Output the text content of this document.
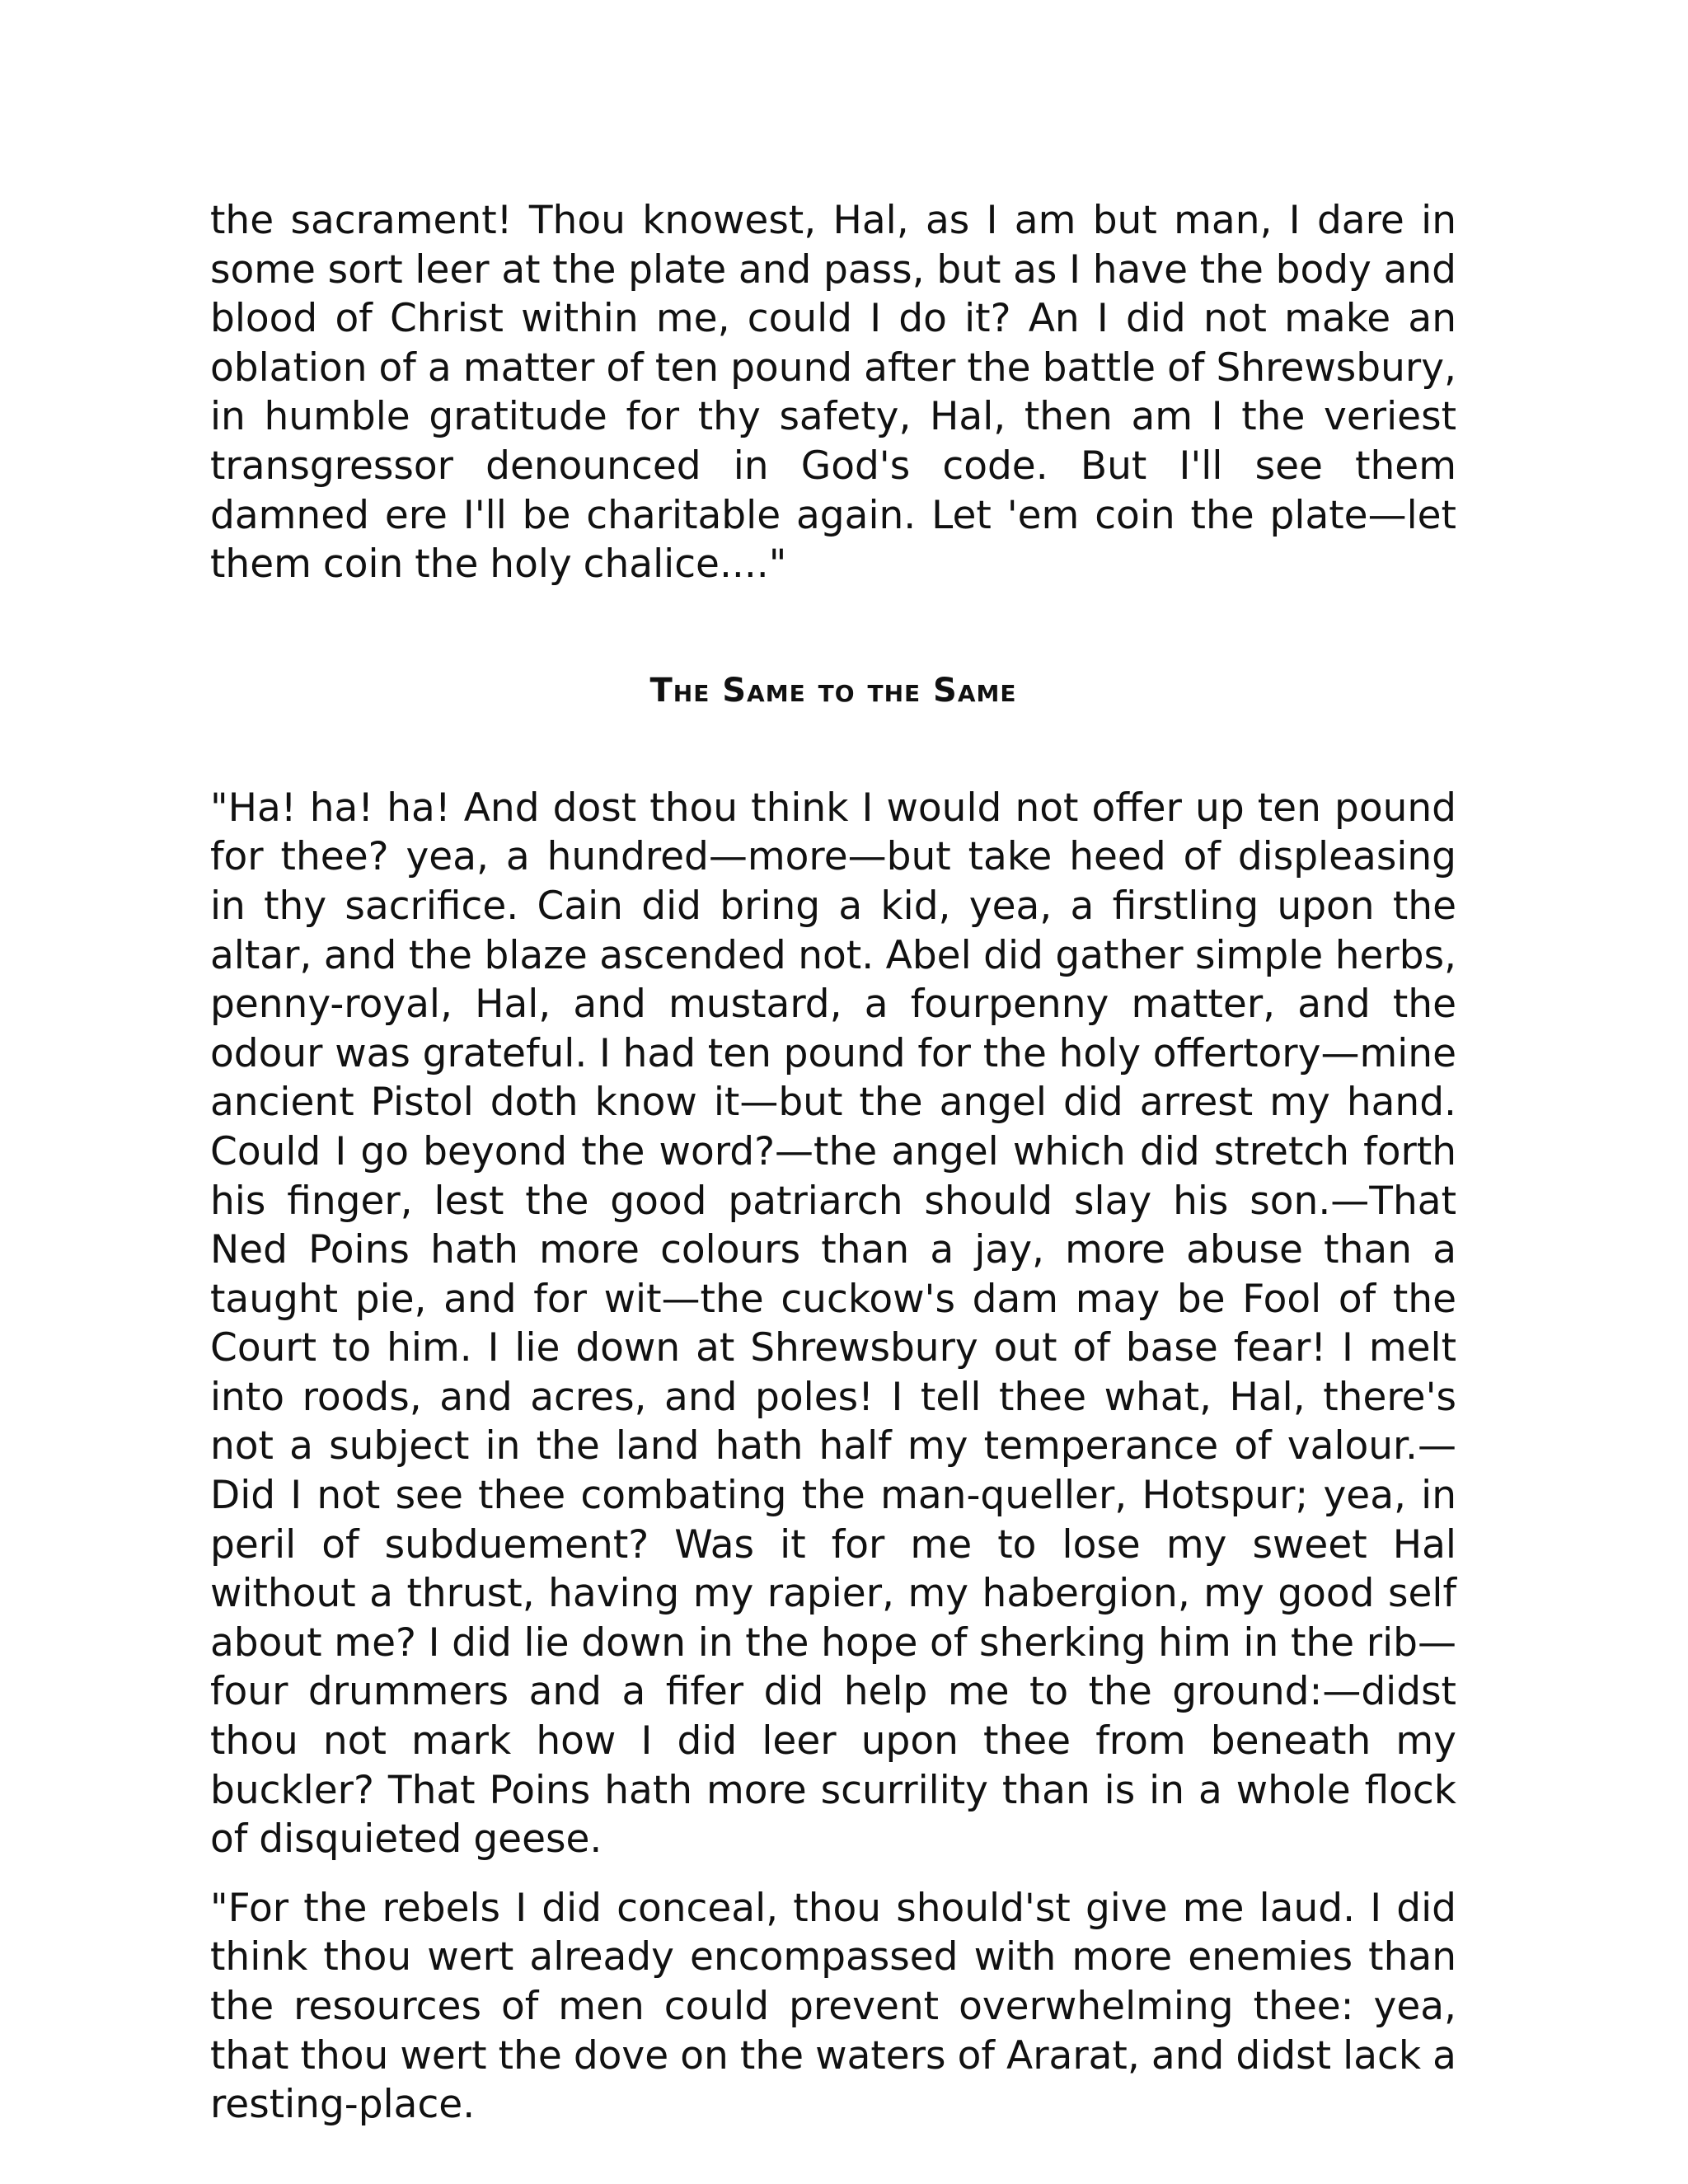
the sacrament! Thou knowest, Hal, as I am but man, I dare in some sort leer at the plate and pass, but as I have the body and blood of Christ within me, could I do it? An I did not make an oblation of a matter of ten pound after the battle of Shrewsbury, in humble gratitude for thy safety, Hal, then am I the veriest transgressor denounced in God's code. But I'll see them damned ere I'll be charitable again. Let 'em coin the plate—let them coin the holy chalice...."

The Same to the Same

"Ha! ha! ha! And dost thou think I would not offer up ten pound for thee? yea, a hundred—more—but take heed of displeasing in thy sacrifice. Cain did bring a kid, yea, a firstling upon the altar, and the blaze ascended not. Abel did gather simple herbs, penny-royal, Hal, and mustard, a fourpenny matter, and the odour was grateful. I had ten pound for the holy offertory—mine ancient Pistol doth know it—but the angel did arrest my hand. Could I go beyond the word?—the angel which did stretch forth his finger, lest the good patriarch should slay his son.—That Ned Poins hath more colours than a jay, more abuse than a taught pie, and for wit—the cuckow's dam may be Fool of the Court to him. I lie down at Shrewsbury out of base fear! I melt into roods, and acres, and poles! I tell thee what, Hal, there's not a subject in the land hath half my temperance of valour.—Did I not see thee combating the man-queller, Hotspur; yea, in peril of subduement? Was it for me to lose my sweet Hal without a thrust, having my rapier, my habergion, my good self about me? I did lie down in the hope of sherking him in the rib—four drummers and a fifer did help me to the ground:—didst thou not mark how I did leer upon thee from beneath my buckler? That Poins hath more scurrility than is in a whole flock of disquieted geese.

"For the rebels I did conceal, thou should'st give me laud. I did think thou wert already encompassed with more enemies than the resources of men could prevent overwhelming thee: yea, that thou wert the dove on the waters of Ararat, and didst lack a resting-place.
